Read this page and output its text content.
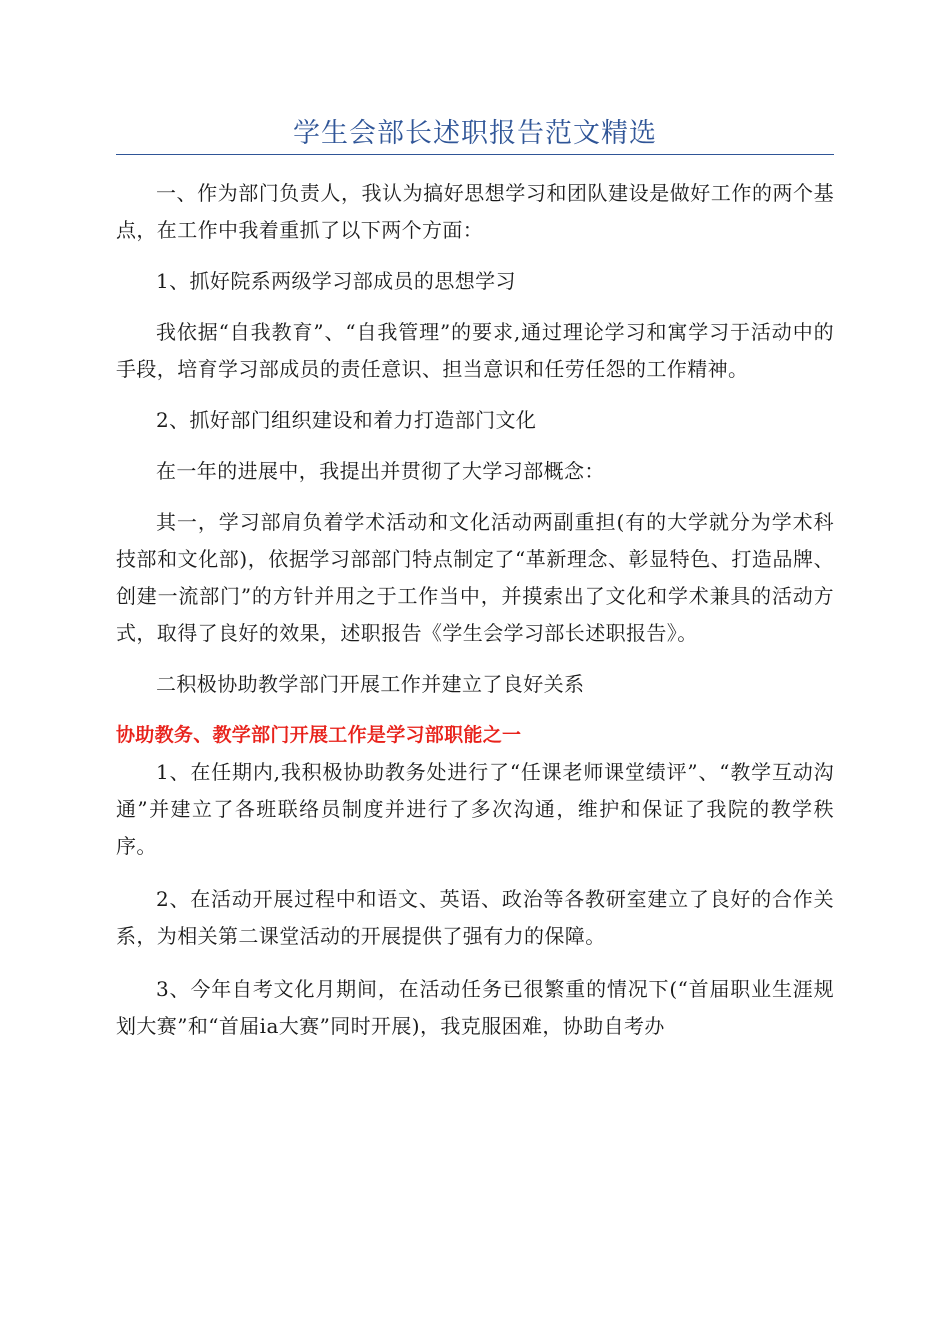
学生会部长述职报告范文精选

一、作为部门负责人，我认为搞好思想学习和团队建设是做好工作的两个基点，在工作中我着重抓了以下两个方面：

1、抓好院系两级学习部成员的思想学习

我依据“自我教育”、“自我管理”的要求,通过理论学习和寓学习于活动中的手段，培育学习部成员的责任意识、担当意识和任劳任怨的工作精神。

2、抓好部门组织建设和着力打造部门文化

在一年的进展中，我提出并贯彻了大学习部概念：

其一，学习部肩负着学术活动和文化活动两副重担(有的大学就分为学术科技部和文化部)，依据学习部部门特点制定了“革新理念、彰显特色、打造品牌、创建一流部门”的方针并用之于工作当中，并摸索出了文化和学术兼具的活动方式，取得了良好的效果，述职报告《学生会学习部长述职报告》。

二积极协助教学部门开展工作并建立了良好关系

协助教务、教学部门开展工作是学习部职能之一

1、在任期内,我积极协助教务处进行了“任课老师课堂绩评”、“教学互动沟通”并建立了各班联络员制度并进行了多次沟通，维护和保证了我院的教学秩序。

2、在活动开展过程中和语文、英语、政治等各教研室建立了良好的合作关系，为相关第二课堂活动的开展提供了强有力的保障。

3、今年自考文化月期间，在活动任务已很繁重的情况下(“首届职业生涯规划大赛”和“首届ia大赛”同时开展)，我克服困难，协助自考办
